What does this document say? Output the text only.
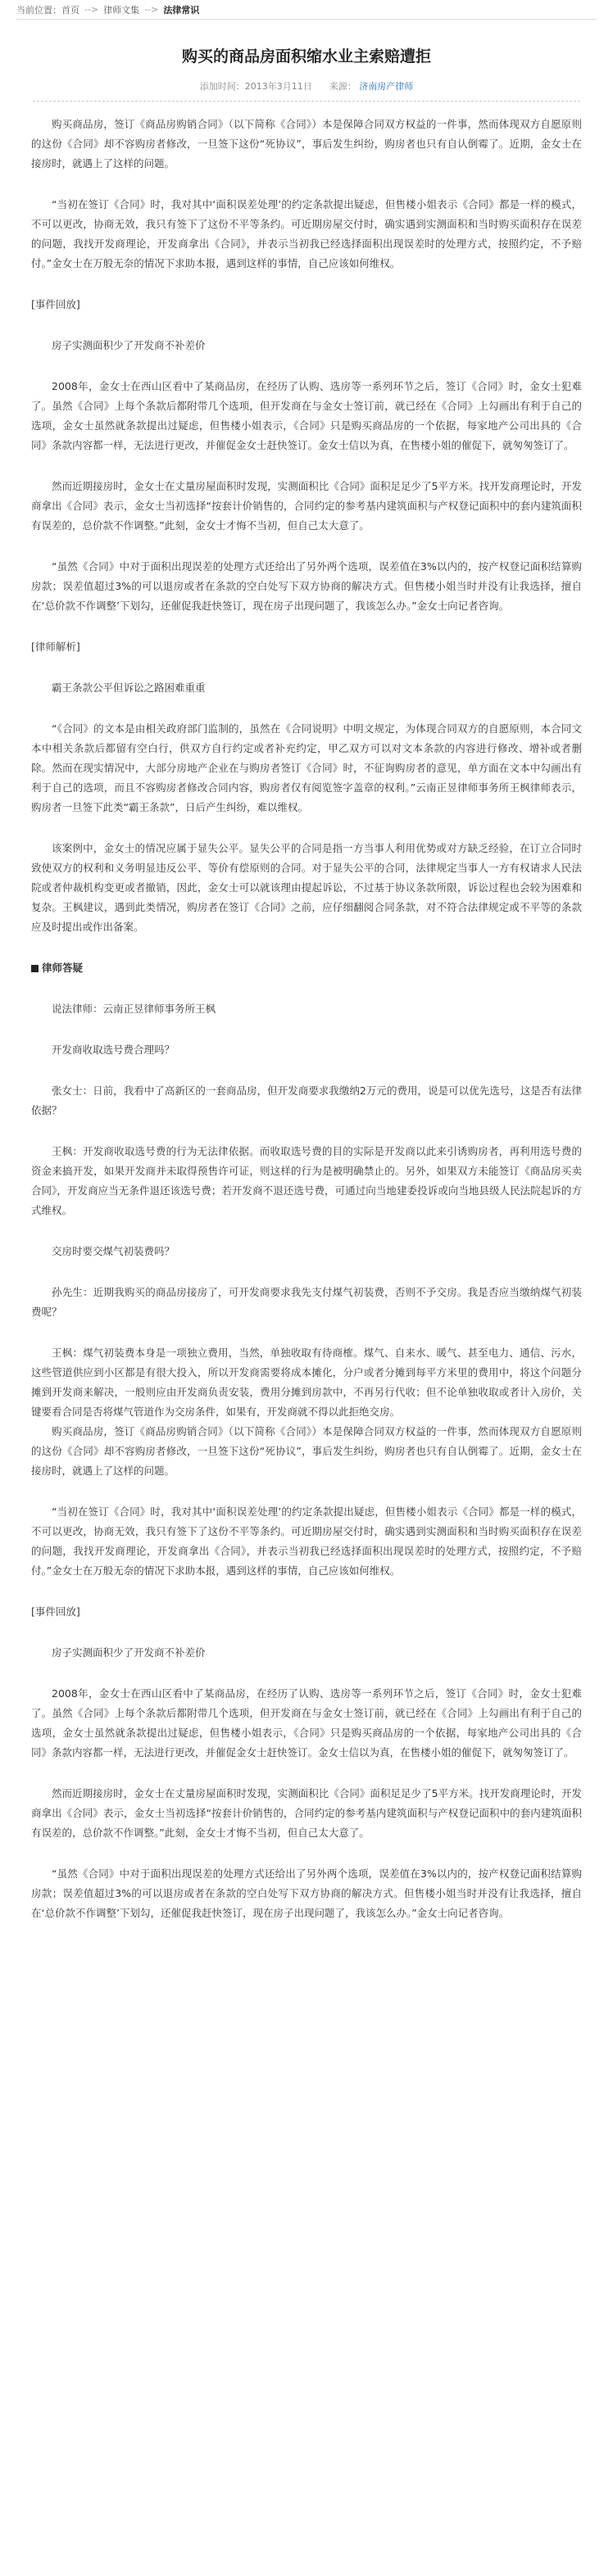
当前位置： 首页 --> 律师文集 --> 法律常识
购买的商品房面积缩水业主索赔遭拒
添加时间：2013年3月11日 来源： 济南房产律师

购买商品房，签订《商品房购销合同》（以下简称《合同》）本是保障合同双方权益的一件事，然而体现双方自愿原则的这份《合同》却不容购房者修改，一旦签下这份“死协议”，事后发生纠纷，购房者也只有自认倒霉了。近期，金女士在接房时，就遇上了这样的问题。

“当初在签订《合同》时，我对其中‘面积误差处理’的约定条款提出疑虑，但售楼小姐表示《合同》都是一样的模式，不可以更改，协商无效，我只有签下了这份不平等条约。可近期房屋交付时，确实遇到实测面积和当时购买面积存在误差的问题，我找开发商理论，开发商拿出《合同》，并表示当初我已经选择面积出现误差时的处理方式，按照约定，不予赔付。”金女士在万般无奈的情况下求助本报，遇到这样的事情，自己应该如何维权。

[事件回放]

房子实测面积少了开发商不补差价

2008年，金女士在西山区看中了某商品房，在经历了认购、选房等一系列环节之后，签订《合同》时，金女士犯难了。虽然《合同》上每个条款后都附带几个选项，但开发商在与金女士签订前，就已经在《合同》上勾画出有利于自己的选项，金女士虽然就条款提出过疑虑，但售楼小姐表示，《合同》只是购买商品房的一个依据，每家地产公司出具的《合同》条款内容都一样，无法进行更改，并催促金女士赶快签订。金女士信以为真，在售楼小姐的催促下，就匆匆签订了。

然而近期接房时，金女士在丈量房屋面积时发现，实测面积比《合同》面积足足少了5平方米。找开发商理论时，开发商拿出《合同》表示，金女士当初选择“按套计价销售的，合同约定的参考基内建筑面积与产权登记面积中的套内建筑面积有误差的，总价款不作调整。”此刻，金女士才悔不当初，但自己太大意了。

“虽然《合同》中对于面积出现误差的处理方式还给出了另外两个选项，误差值在3%以内的，按产权登记面积结算购房款；误差值超过3%的可以退房或者在条款的空白处写下双方协商的解决方式。但售楼小姐当时并没有让我选择，擅自在‘总价款不作调整’下划勾，还催促我赶快签订，现在房子出现问题了，我该怎么办。”金女士向记者咨询。

[律师解析]

霸王条款公平但诉讼之路困难重重

“《合同》的文本是由相关政府部门监制的，虽然在《合同说明》中明文规定，为体现合同双方的自愿原则，本合同文本中相关条款后都留有空白行，供双方自行约定或者补充约定，甲乙双方可以对文本条款的内容进行修改、增补或者删除。然而在现实情况中，大部分房地产企业在与购房者签订《合同》时，不征询购房者的意见，单方面在文本中勾画出有利于自己的选项，而且不容购房者修改合同内容，购房者仅有阅览签字盖章的权利。”云南正昱律师事务所王枫律师表示，购房者一旦签下此类“霸王条款”，日后产生纠纷，难以维权。

该案例中，金女士的情况应属于显失公平。显失公平的合同是指一方当事人利用优势或对方缺乏经验，在订立合同时致使双方的权利和义务明显违反公平、等价有偿原则的合同。对于显失公平的合同，法律规定当事人一方有权请求人民法院或者仲裁机构变更或者撤销，因此，金女士可以就该理由提起诉讼，不过基于协议条款所限，诉讼过程也会较为困难和复杂。王枫建议，遇到此类情况，购房者在签订《合同》之前，应仔细翻阅合同条款，对不符合法律规定或不平等的条款应及时提出或作出备案。

律师答疑

说法律师：云南正昱律师事务所王枫

开发商收取选号费合理吗？

张女士：日前，我看中了高新区的一套商品房，但开发商要求我缴纳2万元的费用，说是可以优先选号，这是否有法律依据？

王枫：开发商收取选号费的行为无法律依据。而收取选号费的目的实际是开发商以此来引诱购房者，再利用选号费的资金来搞开发，如果开发商并未取得预售许可证，则这样的行为是被明确禁止的。另外，如果双方未能签订《商品房买卖合同》，开发商应当无条件退还该选号费；若开发商不退还选号费，可通过向当地建委投诉或向当地县级人民法院起诉的方式维权。

交房时要交煤气初装费吗？

孙先生：近期我购买的商品房接房了，可开发商要求我先支付煤气初装费，否则不予交房。我是否应当缴纳煤气初装费呢？

王枫：煤气初装费本身是一项独立费用，当然，单独收取有待商榷。煤气、自来水、暖气、甚至电力、通信、污水，这些管道供应到小区都是有很大投入，所以开发商需要将成本摊化，分户或者分摊到每平方米里的费用中，将这个问题分摊到开发商来解决，一般则应由开发商负责安装，费用分摊到房款中，不再另行代收；但不论单独收取或者计入房价，关键要看合同是否将煤气管道作为交房条件，如果有，开发商就不得以此拒绝交房。

购买商品房，签订《商品房购销合同》（以下简称《合同》）本是保障合同双方权益的一件事，然而体现双方自愿原则的这份《合同》却不容购房者修改，一旦签下这份“死协议”，事后发生纠纷，购房者也只有自认倒霉了。近期，金女士在接房时，就遇上了这样的问题。

“当初在签订《合同》时，我对其中‘面积误差处理’的约定条款提出疑虑，但售楼小姐表示《合同》都是一样的模式，不可以更改，协商无效，我只有签下了这份不平等条约。可近期房屋交付时，确实遇到实测面积和当时购买面积存在误差的问题，我找开发商理论，开发商拿出《合同》，并表示当初我已经选择面积出现误差时的处理方式，按照约定，不予赔付。”金女士在万般无奈的情况下求助本报，遇到这样的事情，自己应该如何维权。

[事件回放]

房子实测面积少了开发商不补差价

2008年，金女士在西山区看中了某商品房，在经历了认购、选房等一系列环节之后，签订《合同》时，金女士犯难了。虽然《合同》上每个条款后都附带几个选项，但开发商在与金女士签订前，就已经在《合同》上勾画出有利于自己的选项，金女士虽然就条款提出过疑虑，但售楼小姐表示，《合同》只是购买商品房的一个依据，每家地产公司出具的《合同》条款内容都一样，无法进行更改，并催促金女士赶快签订。金女士信以为真，在售楼小姐的催促下，就匆匆签订了。

然而近期接房时，金女士在丈量房屋面积时发现，实测面积比《合同》面积足足少了5平方米。找开发商理论时，开发商拿出《合同》表示，金女士当初选择“按套计价销售的，合同约定的参考基内建筑面积与产权登记面积中的套内建筑面积有误差的，总价款不作调整。”此刻，金女士才悔不当初，但自己太大意了。

“虽然《合同》中对于面积出现误差的处理方式还给出了另外两个选项，误差值在3%以内的，按产权登记面积结算购房款；误差值超过3%的可以退房或者在条款的空白处写下双方协商的解决方式。但售楼小姐当时并没有让我选择，擅自在‘总价款不作调整’下划勾，还催促我赶快签订，现在房子出现问题了，我该怎么办。”金女士向记者咨询。
